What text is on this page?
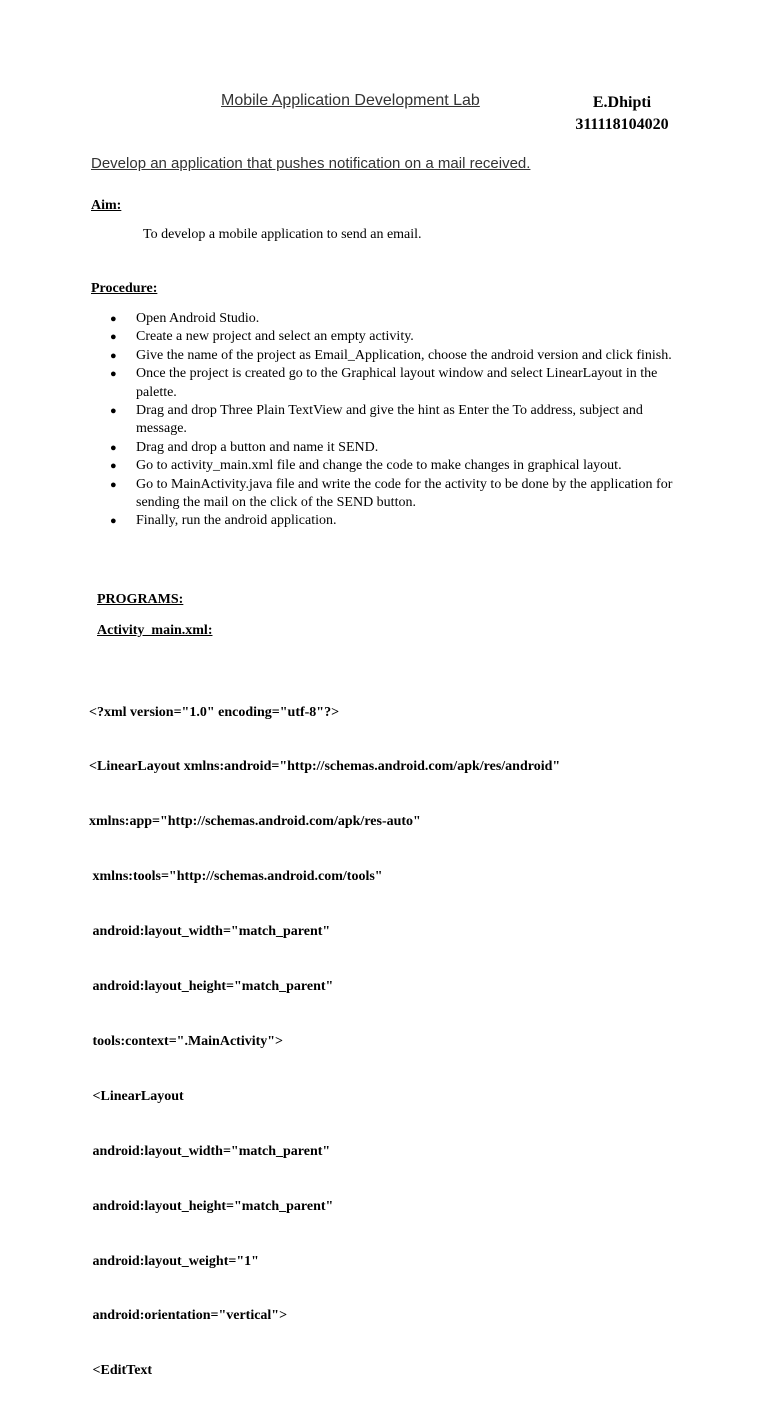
Mobile Application Development Lab	E.Dhipti
311118104020
Develop an application that pushes notification on a mail received.
Aim:
To develop a mobile application to send an email.
Procedure:
● Open Android Studio.
● Create a new project and select an empty activity.
● Give the name of the project as Email_Application, choose the android version and click finish.
● Once the project is created go to the Graphical layout window and select LinearLayout in the palette.
● Drag and drop Three Plain TextView and give the hint as Enter the To address, subject and message.
● Drag and drop a button and name it SEND.
● Go to activity_main.xml file and change the code to make changes in graphical layout.
● Go to MainActivity.java file and write the code for the activity to be done by the application for sending the mail on the click of the SEND button.
● Finally, run the android application.
PROGRAMS:
Activity_main.xml:

<?xml version="1.0" encoding="utf-8"?>

<LinearLayout xmlns:android="http://schemas.android.com/apk/res/android"

xmlns:app="http://schemas.android.com/apk/res-auto"

xmlns:tools="http://schemas.android.com/tools"

android:layout_width="match_parent"

android:layout_height="match_parent"

tools:context=".MainActivity">

<LinearLayout

android:layout_width="match_parent"

android:layout_height="match_parent"

android:layout_weight="1"

android:orientation="vertical">

<EditText
